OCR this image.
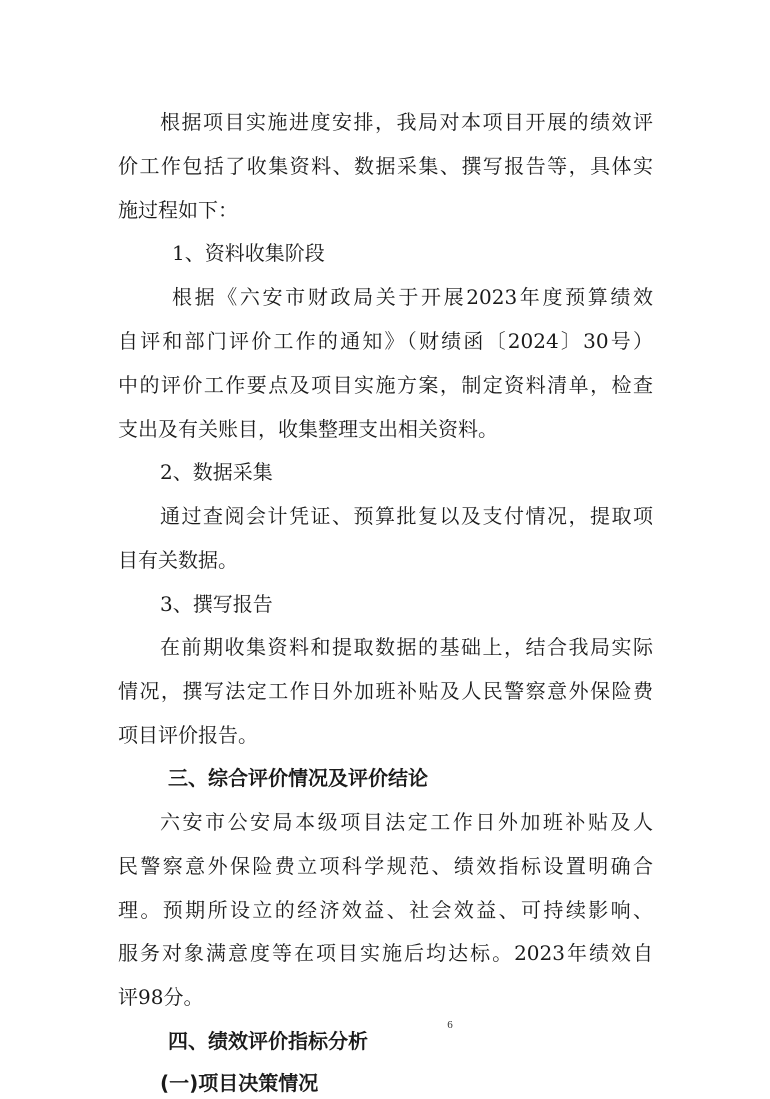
根据项目实施进度安排，我局对本项目开展的绩效评
价工作包括了收集资料、数据采集、撰写报告等，具体实
施过程如下：
1、资料收集阶段
根据《六安市财政局关于开展2023年度预算绩效
自评和部门评价工作的通知》（财绩函〔2024〕30号）
中的评价工作要点及项目实施方案，制定资料清单，检查
支出及有关账目，收集整理支出相关资料。
2、数据采集
通过查阅会计凭证、预算批复以及支付情况，提取项
目有关数据。
3、撰写报告
在前期收集资料和提取数据的基础上，结合我局实际
情况，撰写法定工作日外加班补贴及人民警察意外保险费
项目评价报告。
三、综合评价情况及评价结论
六安市公安局本级项目法定工作日外加班补贴及人
民警察意外保险费立项科学规范、绩效指标设置明确合
理。预期所设立的经济效益、社会效益、可持续影响、
服务对象满意度等在项目实施后均达标。2023年绩效自
评98分。
四、绩效评价指标分析
(一)项目决策情况
6
